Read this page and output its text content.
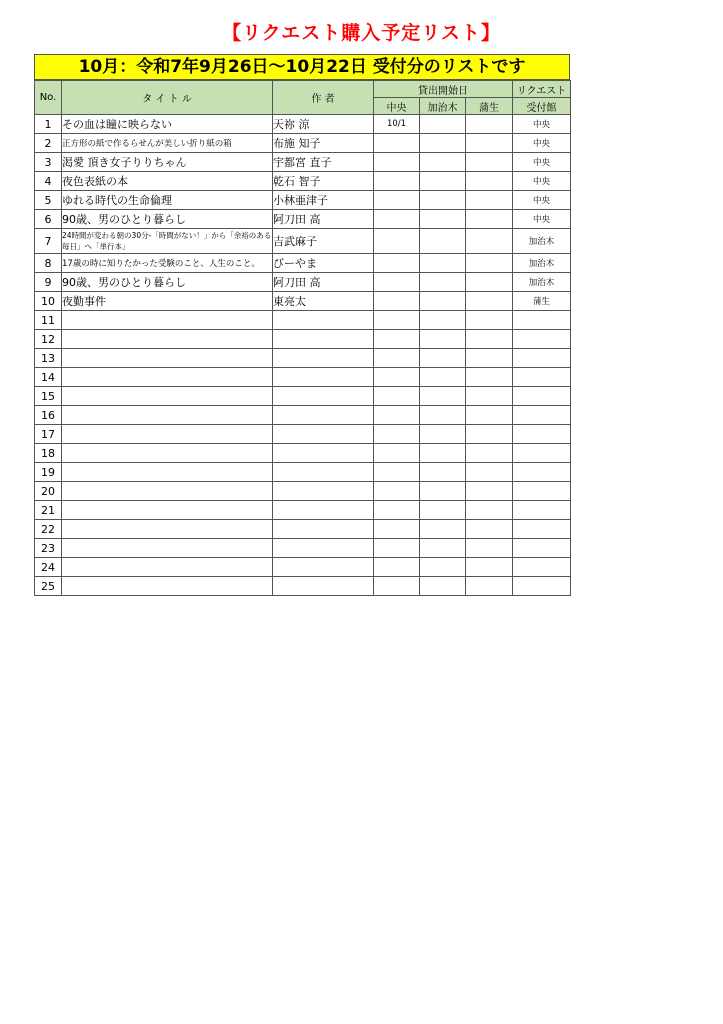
【リクエスト購入予定リスト】
10月：令和7年9月26日～10月22日 受付分のリストです
No.	タ イ ト ル	作 者	貸出開始日			リクエスト
			中央	加治木	蒲生	受付館
1	その血は瞳に映らない	天祢 涼	10/1			中央
2	正方形の紙で作るらせんが美しい折り紙の箱	布施 知子				中央
3	渇愛 頂き女子りりちゃん	宇都宮 直子				中央
4	夜色表紙の本	乾石 智子				中央
5	ゆれる時代の生命倫理	小林亜津子				中央
6	90歳、男のひとり暮らし	阿刀田 高				中央
7	24時間が変わる朝の30分-「時間がない！」から「余裕のある毎日」へ「単行本」	吉武麻子				加治木
8	17歳の時に知りたかった受験のこと、人生のこと。	びーやま				加治木
9	90歳、男のひとり暮らし	阿刀田 高				加治木
10	夜勤事件	東亮太				蒲生
11						
12						
13						
14						
15						
16						
17						
18						
19						
20						
21						
22						
23						
24						
25						
